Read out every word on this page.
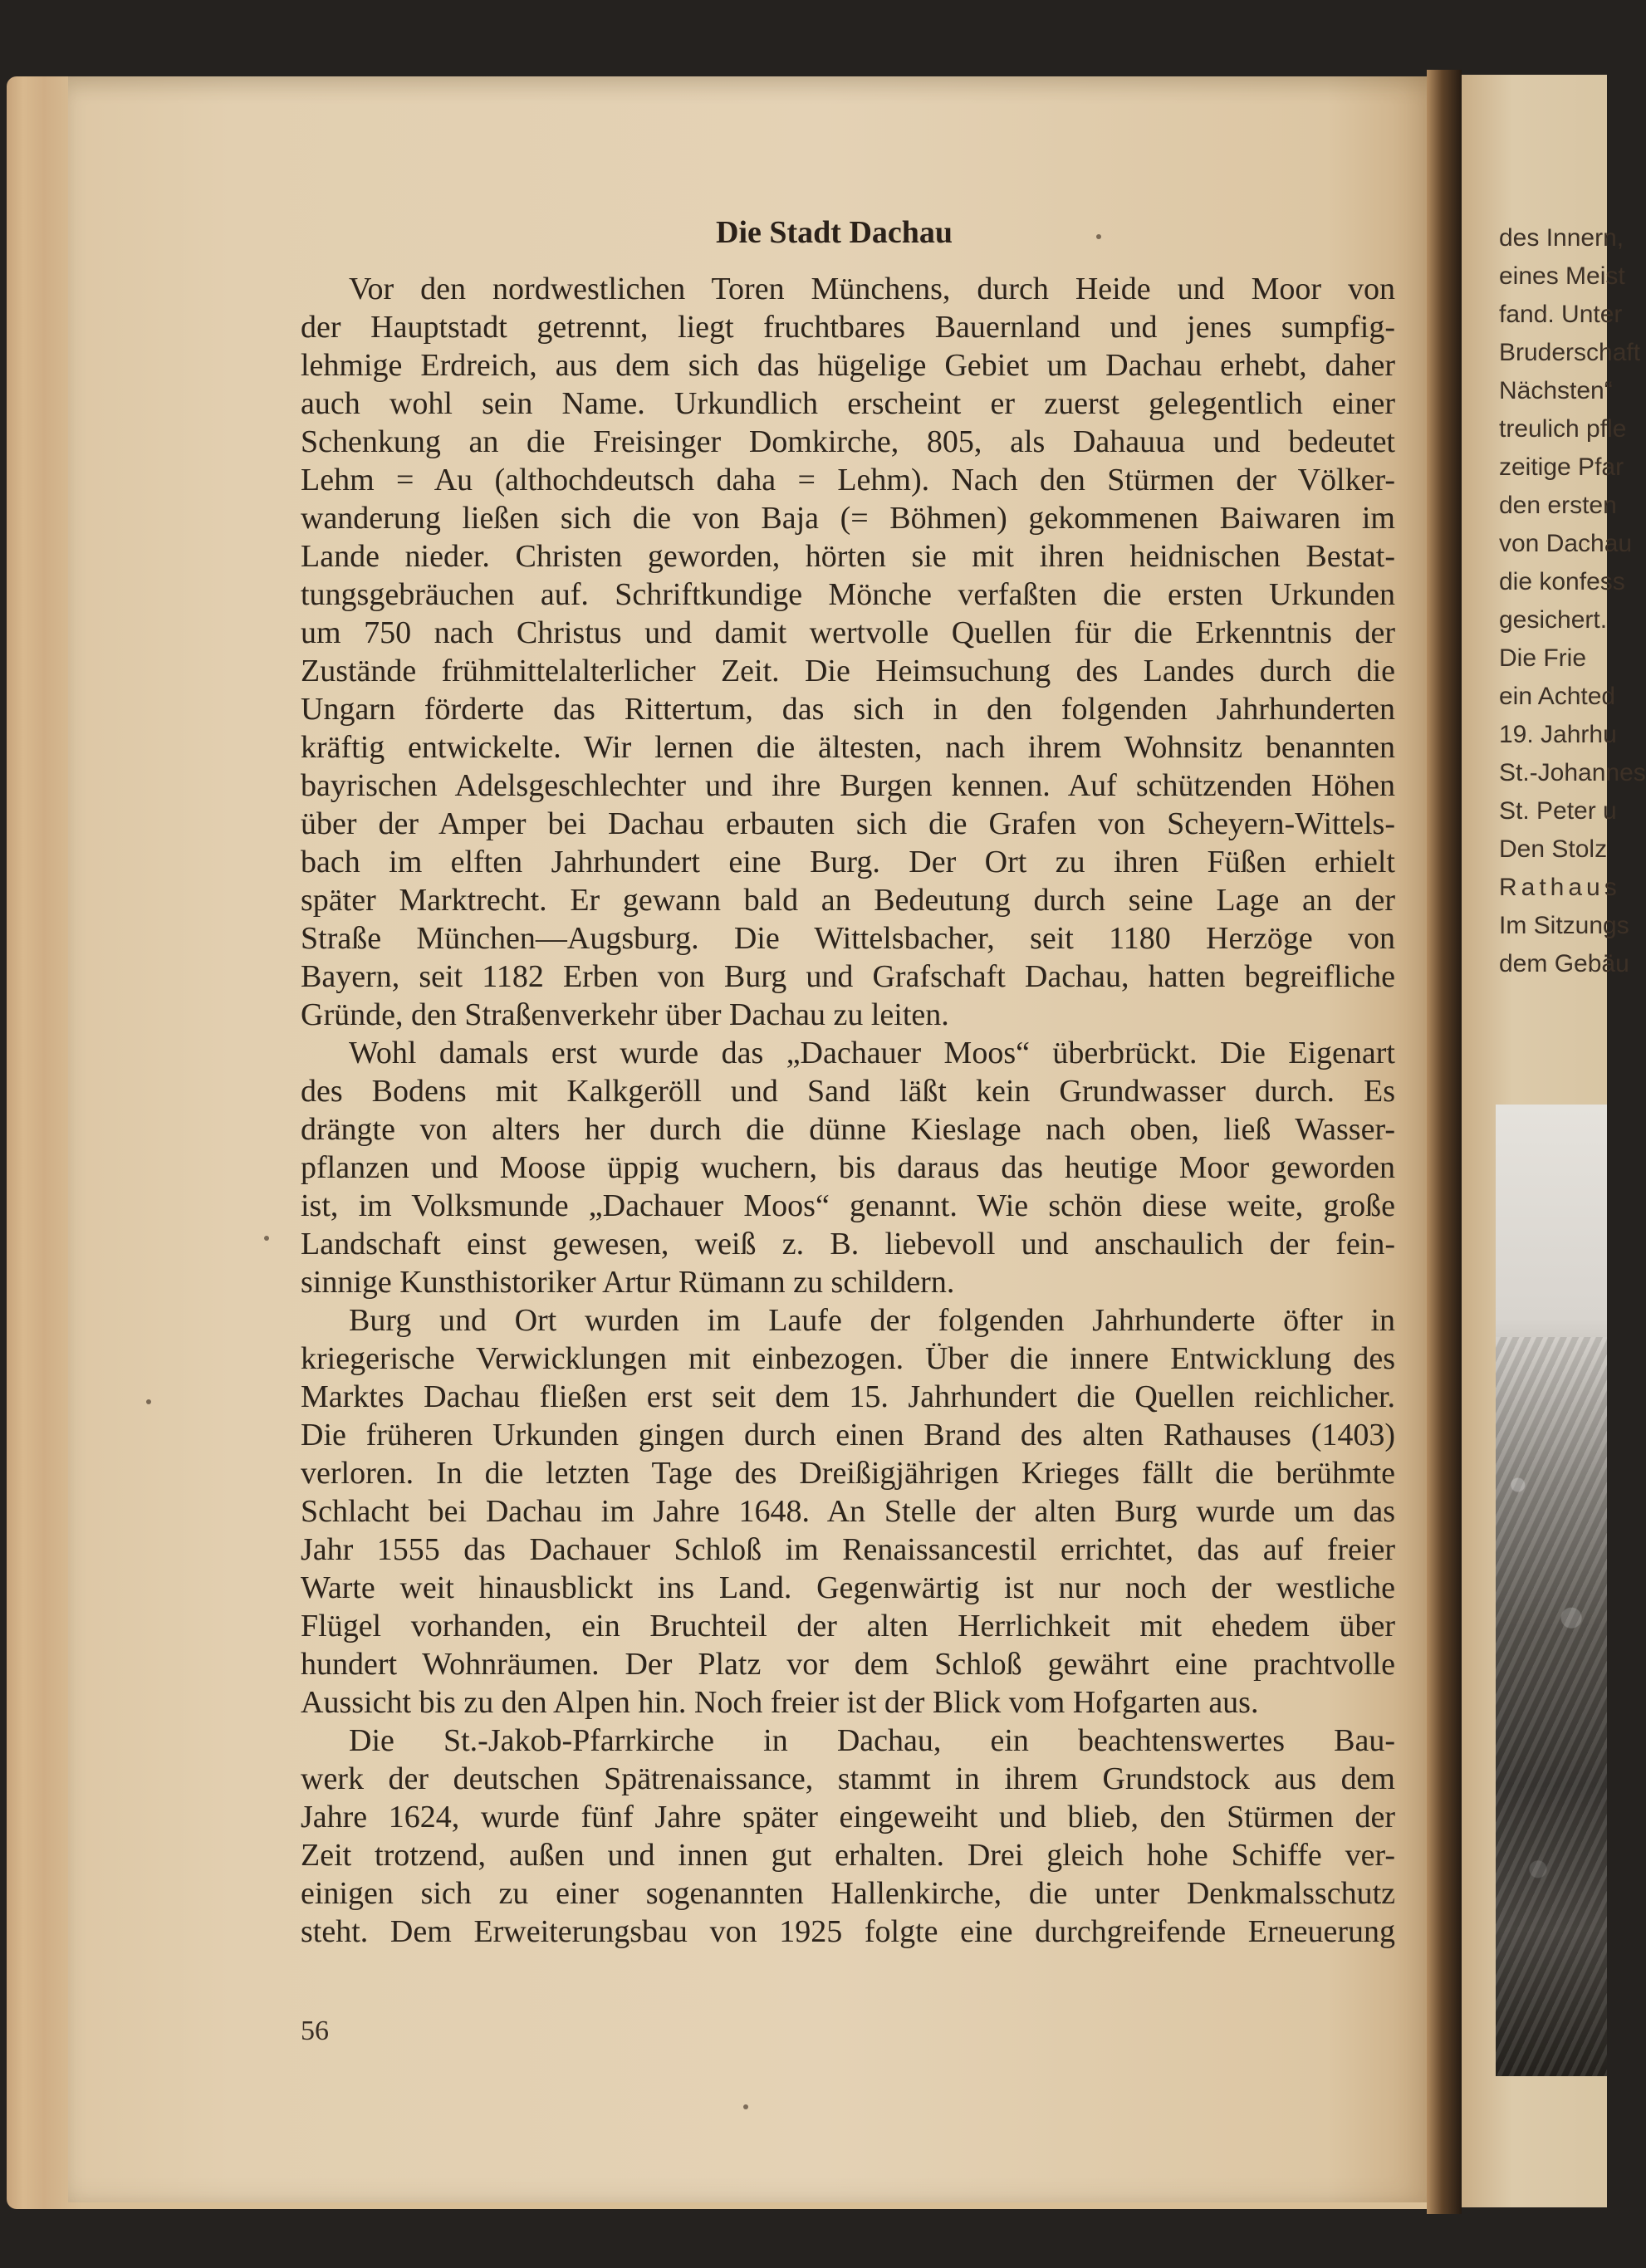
Die Stadt Dachau
Vor den nordwestlichen Toren Münchens, durch Heide und Moor von
der Hauptstadt getrennt, liegt fruchtbares Bauernland und jenes sumpfig-
lehmige Erdreich, aus dem sich das hügelige Gebiet um Dachau erhebt, daher
auch wohl sein Name. Urkundlich erscheint er zuerst gelegentlich einer
Schenkung an die Freisinger Domkirche, 805, als Dahauua und bedeutet
Lehm = Au (althochdeutsch daha = Lehm). Nach den Stürmen der Völker-
wanderung ließen sich die von Baja (= Böhmen) gekommenen Baiwaren im
Lande nieder. Christen geworden, hörten sie mit ihren heidnischen Bestat-
tungsgebräuchen auf. Schriftkundige Mönche verfaßten die ersten Urkunden
um 750 nach Christus und damit wertvolle Quellen für die Erkenntnis der
Zustände frühmittelalterlicher Zeit. Die Heimsuchung des Landes durch die
Ungarn förderte das Rittertum, das sich in den folgenden Jahrhunderten
kräftig entwickelte. Wir lernen die ältesten, nach ihrem Wohnsitz benannten
bayrischen Adelsgeschlechter und ihre Burgen kennen. Auf schützenden Höhen
über der Amper bei Dachau erbauten sich die Grafen von Scheyern-Wittels-
bach im elften Jahrhundert eine Burg. Der Ort zu ihren Füßen erhielt
später Marktrecht. Er gewann bald an Bedeutung durch seine Lage an der
Straße München—Augsburg. Die Wittelsbacher, seit 1180 Herzöge von
Bayern, seit 1182 Erben von Burg und Grafschaft Dachau, hatten begreifliche
Gründe, den Straßenverkehr über Dachau zu leiten.
Wohl damals erst wurde das „Dachauer Moos“ überbrückt. Die Eigenart
des Bodens mit Kalkgeröll und Sand läßt kein Grundwasser durch. Es
drängte von alters her durch die dünne Kieslage nach oben, ließ Wasser-
pflanzen und Moose üppig wuchern, bis daraus das heutige Moor geworden
ist, im Volksmunde „Dachauer Moos“ genannt. Wie schön diese weite, große
Landschaft einst gewesen, weiß z. B. liebevoll und anschaulich der fein-
sinnige Kunsthistoriker Artur Rümann zu schildern.
Burg und Ort wurden im Laufe der folgenden Jahrhunderte öfter in
kriegerische Verwicklungen mit einbezogen. Über die innere Entwicklung des
Marktes Dachau fließen erst seit dem 15. Jahrhundert die Quellen reichlicher.
Die früheren Urkunden gingen durch einen Brand des alten Rathauses (1403)
verloren. In die letzten Tage des Dreißigjährigen Krieges fällt die berühmte
Schlacht bei Dachau im Jahre 1648. An Stelle der alten Burg wurde um das
Jahr 1555 das Dachauer Schloß im Renaissancestil errichtet, das auf freier
Warte weit hinausblickt ins Land. Gegenwärtig ist nur noch der westliche
Flügel vorhanden, ein Bruchteil der alten Herrlichkeit mit ehedem über
hundert Wohnräumen. Der Platz vor dem Schloß gewährt eine prachtvolle
Aussicht bis zu den Alpen hin. Noch freier ist der Blick vom Hofgarten aus.
Die St.-Jakob-Pfarrkirche in Dachau, ein beachtenswertes Bau-
werk der deutschen Spätrenaissance, stammt in ihrem Grundstock aus dem
Jahre 1624, wurde fünf Jahre später eingeweiht und blieb, den Stürmen der
Zeit trotzend, außen und innen gut erhalten. Drei gleich hohe Schiffe ver-
einigen sich zu einer sogenannten Hallenkirche, die unter Denkmalsschutz
steht. Dem Erweiterungsbau von 1925 folgte eine durchgreifende Erneuerung
56
des Innern,
eines Meist
fand. Unter
Bruderschaft
Nächsten“
treulich pfle
zeitige Pfar
den ersten
von Dachau
die konfess
gesichert.
Die Frie
ein Achted
19. Jahrhu
St.-Johannes
St. Peter u
Den Stolz
Rathaus
Im Sitzungs
dem Gebäu
